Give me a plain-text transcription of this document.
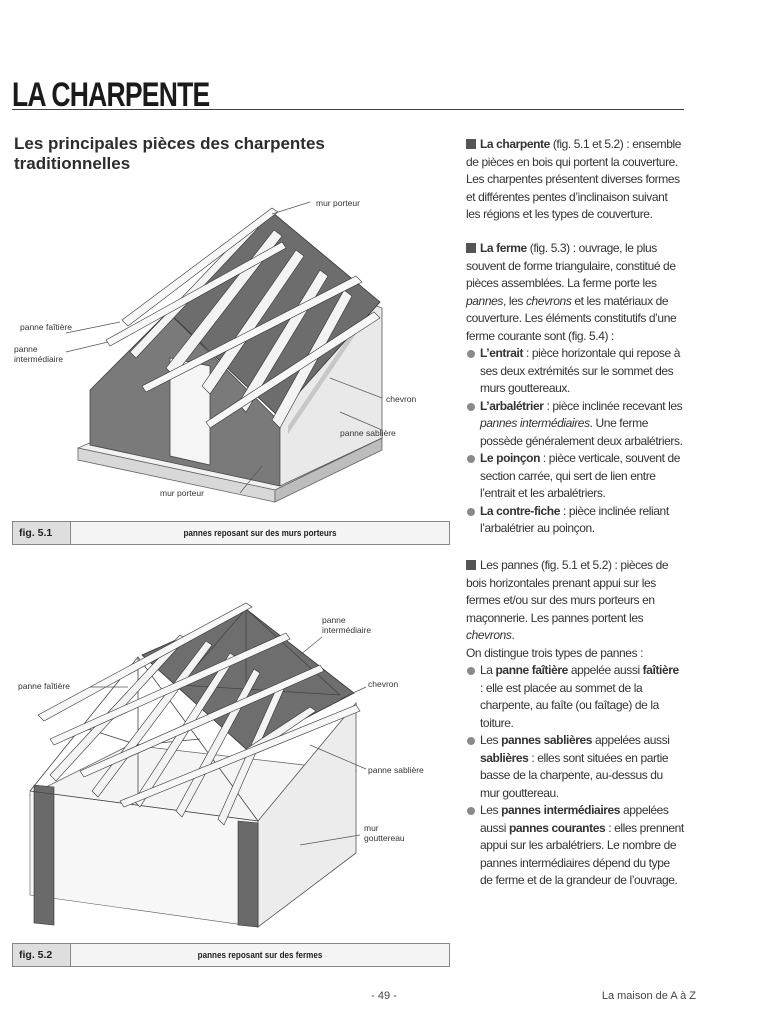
LA CHARPENTE
Les principales pièces des charpentes traditionnelles
mur porteur
panne faîtière
panne
intermédiaire
chevron
panne sablière
mur porteur
fig. 5.1	pannes reposant sur des murs porteurs
panne
intermédiaire
panne faîtière	chevron
panne sablière
mur
gouttereau
fig. 5.2	pannes reposant sur des fermes
La charpente (fig. 5.1 et 5.2) : ensemble de pièces en bois qui portent la couverture. Les charpentes présentent diverses formes et différentes pentes d’inclinaison suivant les régions et les types de couverture.
La ferme (fig. 5.3) : ouvrage, le plus souvent de forme triangulaire, constitué de pièces assemblées. La ferme porte les pannes, les chevrons et les matériaux de couverture. Les éléments constitutifs d’une ferme courante sont (fig. 5.4) :
L’entrait : pièce horizontale qui repose à ses deux extrémités sur le sommet des murs gouttereaux.
L’arbalétrier : pièce inclinée recevant les pannes intermédiaires. Une ferme possède généralement deux arbalétriers.
Le poinçon : pièce verticale, souvent de section carrée, qui sert de lien entre l’entrait et les arbalétriers.
La contre-fiche : pièce inclinée reliant l’arbalétrier au poinçon.
Les pannes (fig. 5.1 et 5.2) : pièces de bois horizontales prenant appui sur les fermes et/ou sur des murs porteurs en maçonnerie. Les pannes portent les chevrons.
On distingue trois types de pannes :
La panne faîtière appelée aussi faîtière : elle est placée au sommet de la charpente, au faîte (ou faîtage) de la toiture.
Les pannes sablières appelées aussi sablières : elles sont situées en partie basse de la charpente, au-dessus du mur gouttereau.
Les pannes intermédiaires appelées aussi pannes courantes : elles prennent appui sur les arbalétriers. Le nombre de pannes intermédiaires dépend du type de ferme et de la grandeur de l’ouvrage.
- 49 -	La maison de A à Z
